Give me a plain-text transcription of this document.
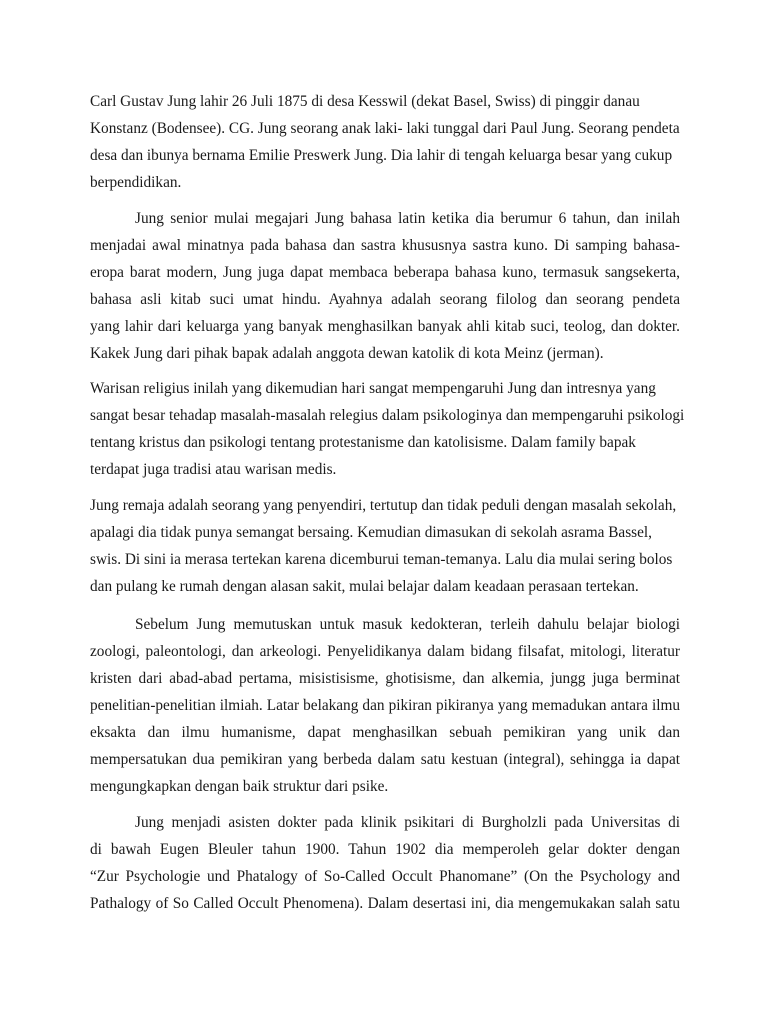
Carl Gustav Jung lahir 26 Juli 1875 di desa Kesswil (dekat Basel, Swiss) di pinggir danau
Konstanz (Bodensee). CG. Jung seorang anak laki- laki tunggal dari Paul Jung. Seorang pendeta
desa dan ibunya bernama Emilie Preswerk Jung. Dia lahir di tengah keluarga besar yang cukup
berpendidikan.

Jung senior mulai megajari Jung bahasa latin ketika dia berumur 6 tahun, dan inilah
menjadai awal minatnya pada bahasa dan sastra khususnya sastra kuno. Di samping bahasa-
eropa barat modern, Jung juga dapat membaca beberapa bahasa kuno, termasuk sangsekerta,
bahasa asli kitab suci umat hindu. Ayahnya adalah seorang filolog dan seorang pendeta
yang lahir dari keluarga yang banyak menghasilkan banyak ahli kitab suci, teolog, dan dokter.
Kakek Jung dari pihak bapak adalah anggota dewan katolik di kota Meinz (jerman).

Warisan religius inilah yang dikemudian hari sangat mempengaruhi Jung dan intresnya yang
sangat besar tehadap masalah-masalah relegius dalam psikologinya dan mempengaruhi psikologi
tentang kristus dan psikologi tentang protestanisme dan katolisisme. Dalam family bapak
terdapat juga tradisi atau warisan medis.

Jung remaja adalah seorang yang penyendiri, tertutup dan tidak peduli dengan masalah sekolah,
apalagi dia tidak punya semangat bersaing. Kemudian dimasukan di sekolah asrama Bassel,
swis. Di sini ia merasa tertekan karena dicemburui teman-temanya. Lalu dia mulai sering bolos
dan pulang ke rumah dengan alasan sakit, mulai belajar dalam keadaan perasaan tertekan.

Sebelum Jung memutuskan untuk masuk kedokteran, terleih dahulu belajar biologi
zoologi, paleontologi, dan arkeologi. Penyelidikanya dalam bidang filsafat, mitologi, literatur
kristen dari abad-abad pertama, misistisisme, ghotisisme, dan alkemia, jungg juga berminat
penelitian-penelitian ilmiah. Latar belakang dan pikiran pikiranya yang memadukan antara ilmu
eksakta dan ilmu humanisme, dapat menghasilkan sebuah pemikiran yang unik dan
mempersatukan dua pemikiran yang berbeda dalam satu kestuan (integral), sehingga ia dapat
mengungkapkan dengan baik struktur dari psike.

Jung menjadi asisten dokter pada klinik psikitari di Burgholzli pada Universitas di
di bawah Eugen Bleuler tahun 1900. Tahun 1902 dia memperoleh gelar dokter dengan
“Zur Psychologie und Phatalogy of So-Called Occult Phanomane” (On the Psychology and
Pathalogy of So Called Occult Phenomena). Dalam desertasi ini, dia mengemukakan salah satu
